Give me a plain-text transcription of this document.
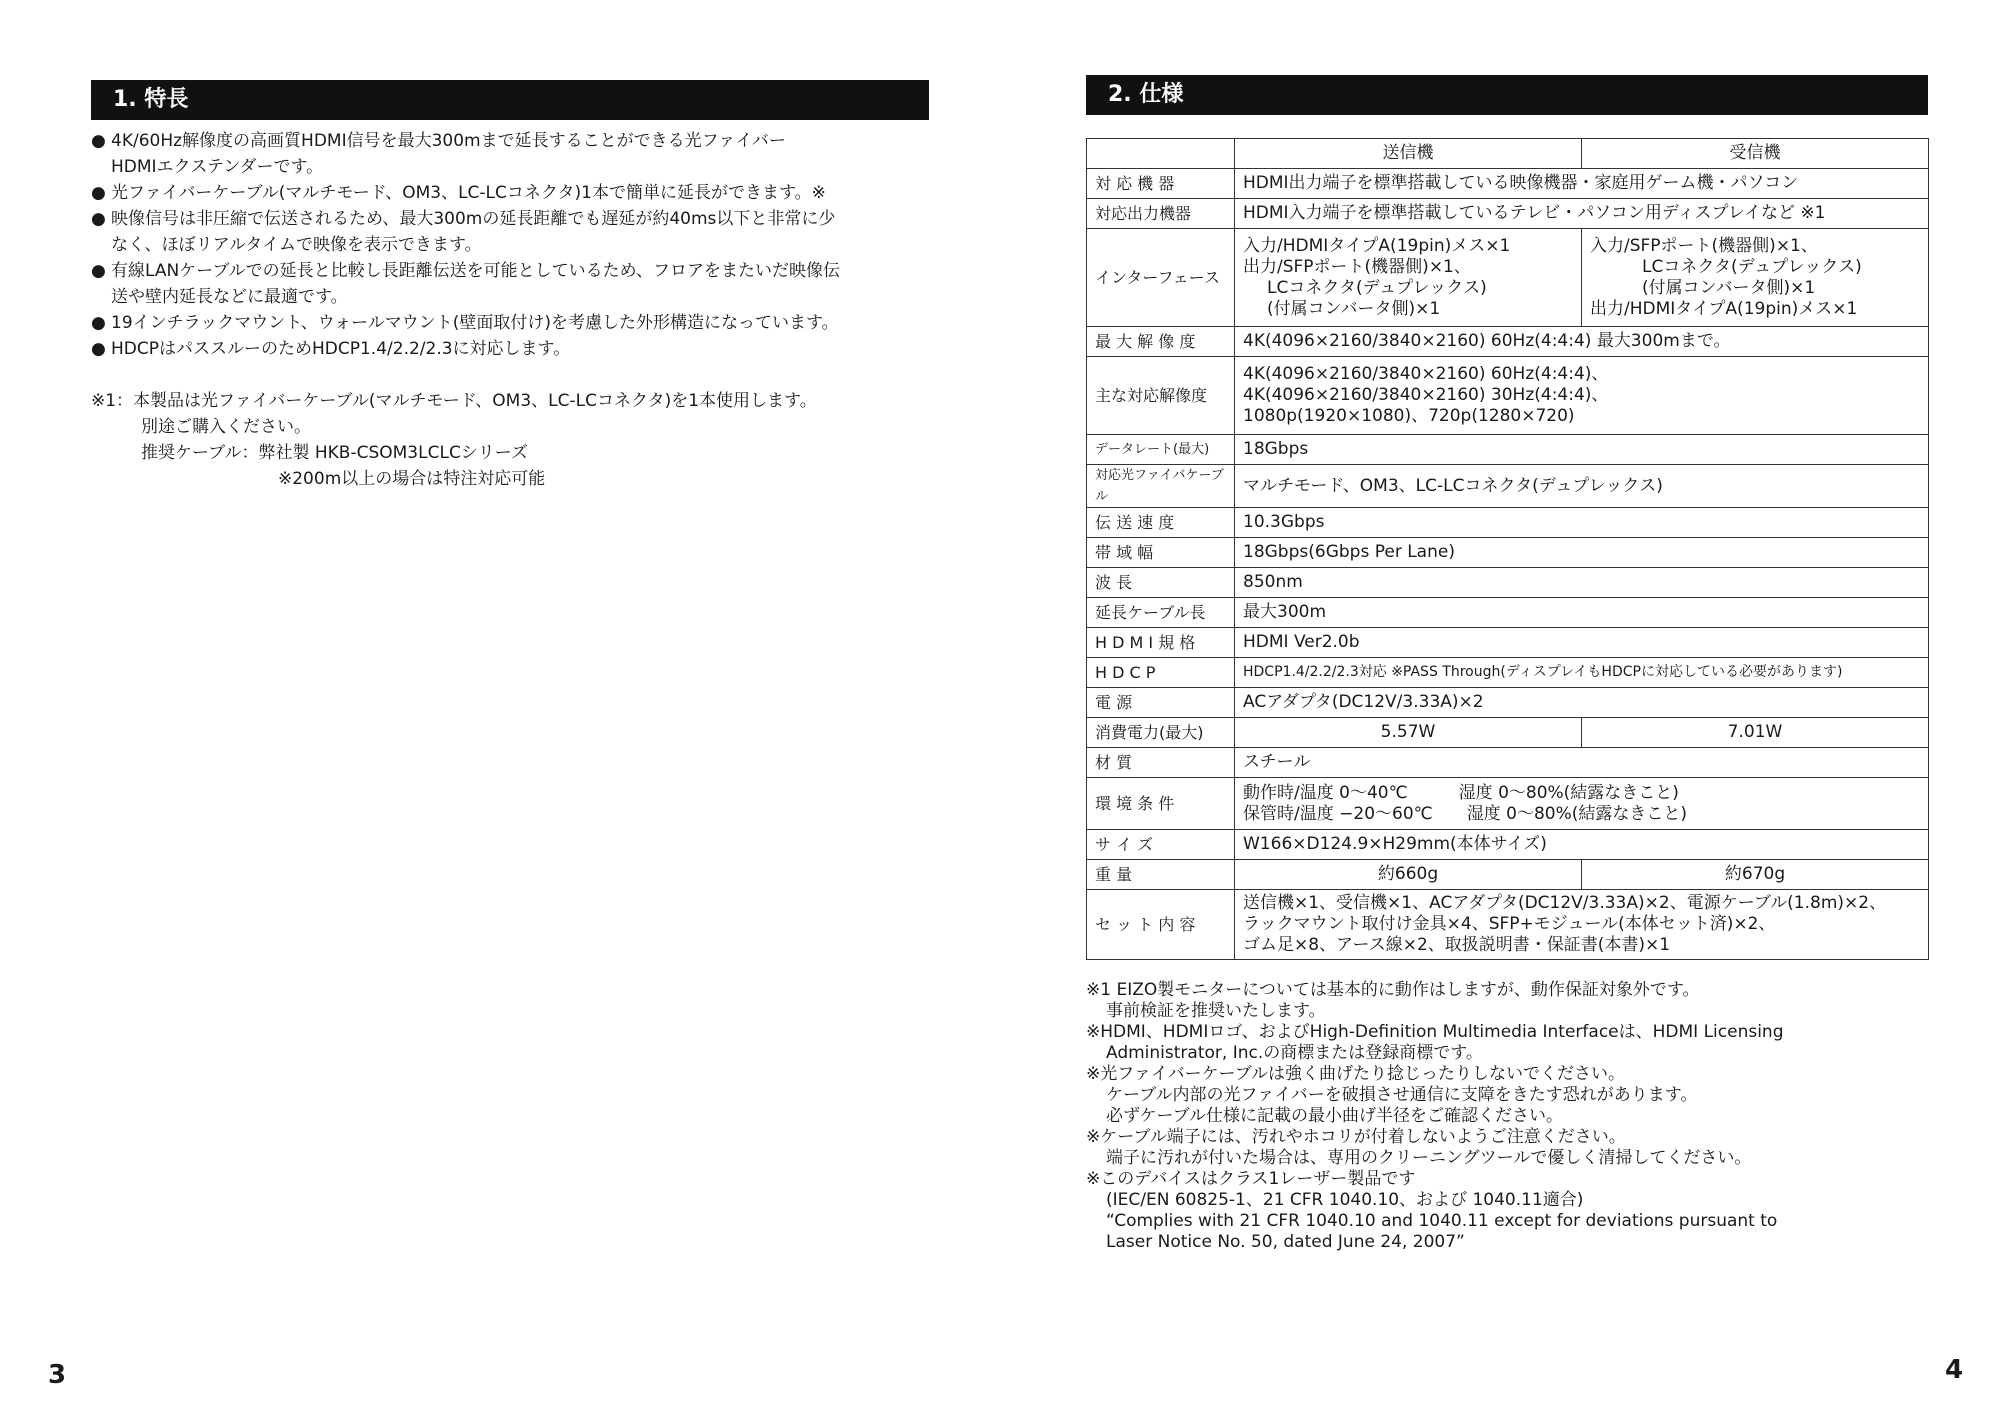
1. 特長
● 4K/60Hz解像度の高画質HDMI信号を最大300mまで延長することができる光ファイバー
HDMIエクステンダーです。
● 光ファイバーケーブル(マルチモード、OM3、LC-LCコネクタ)1本で簡単に延長ができます。※
● 映像信号は非圧縮で伝送されるため、最大300mの延長距離でも遅延が約40ms以下と非常に少
なく、ほぼリアルタイムで映像を表示できます。
● 有線LANケーブルでの延長と比較し長距離伝送を可能としているため、フロアをまたいだ映像伝
送や壁内延長などに最適です。
● 19インチラックマウント、ウォールマウント(壁面取付け)を考慮した外形構造になっています。
● HDCPはパススルーのためHDCP1.4/2.2/2.3に対応します。
※1：本製品は光ファイバーケーブル(マルチモード、OM3、LC-LCコネクタ)を1本使用します。
別途ご購入ください。
推奨ケーブル：弊社製 HKB-CSOM3LCLCシリーズ
※200m以上の場合は特注対応可能
3
2. 仕様
	送信機	受信機
対 応 機 器	HDMI出力端子を標準搭載している映像機器・家庭用ゲーム機・パソコン	
対応出力機器	HDMI入力端子を標準搭載しているテレビ・パソコン用ディスプレイなど ※1	
インターフェース	入力/HDMIタイプA(19pin)メス×1
出力/SFPポート(機器側)×1、
LCコネクタ(デュプレックス)
(付属コンバータ側)×1	入力/SFPポート(機器側)×1、
LCコネクタ(デュプレックス)
(付属コンバータ側)×1
出力/HDMIタイプA(19pin)メス×1

最 大 解 像 度	4K(4096×2160/3840×2160) 60Hz(4:4:4) 最大300mまで。	
主な対応解像度	4K(4096×2160/3840×2160) 60Hz(4:4:4)、
4K(4096×2160/3840×2160) 30Hz(4:4:4)、
1080p(1920×1080)、720p(1280×720)	

データレート(最大)	18Gbps	
対応光ファイバケーブル	マルチモード、OM3、LC-LCコネクタ(デュプレックス)	
伝 送 速 度	10.3Gbps	
帯 域 幅	18Gbps(6Gbps Per Lane)	
波 長	850nm	
延長ケーブル長	最大300m	
H D M I 規 格	HDMI Ver2.0b	
H D C P	HDCP1.4/2.2/2.3対応 ※PASS Through(ディスプレイもHDCPに対応している必要があります)	
電 源	ACアダプタ(DC12V/3.33A)×2	
消費電力(最大)	5.57W	7.01W
材 質	スチール	
環 境 条 件	動作時/温度 0～40℃　　　湿度 0～80%(結露なきこと)
保管時/温度 −20～60℃　　湿度 0～80%(結露なきこと)	

サ イ ズ	W166×D124.9×H29mm(本体サイズ)	
重 量	約660g	約670g
セ ッ ト 内 容	送信機×1、受信機×1、ACアダプタ(DC12V/3.33A)×2、電源ケーブル(1.8m)×2、
ラックマウント取付け金具×4、SFP+モジュール(本体セット済)×2、
ゴム足×8、アース線×2、取扱説明書・保証書(本書)×1	
※1 EIZO製モニターについては基本的に動作はしますが、動作保証対象外です。
事前検証を推奨いたします。
※HDMI、HDMIロゴ、およびHigh-Definition Multimedia Interfaceは、HDMI Licensing
Administrator, Inc.の商標または登録商標です。
※光ファイバーケーブルは強く曲げたり捻じったりしないでください。
ケーブル内部の光ファイバーを破損させ通信に支障をきたす恐れがあります。
必ずケーブル仕様に記載の最小曲げ半径をご確認ください。
※ケーブル端子には、汚れやホコリが付着しないようご注意ください。
端子に汚れが付いた場合は、専用のクリーニングツールで優しく清掃してください。
※このデバイスはクラス1レーザー製品です
(IEC/EN 60825-1、21 CFR 1040.10、および 1040.11適合)
“Complies with 21 CFR 1040.10 and 1040.11 except for deviations pursuant to
Laser Notice No. 50, dated June 24, 2007”
4
